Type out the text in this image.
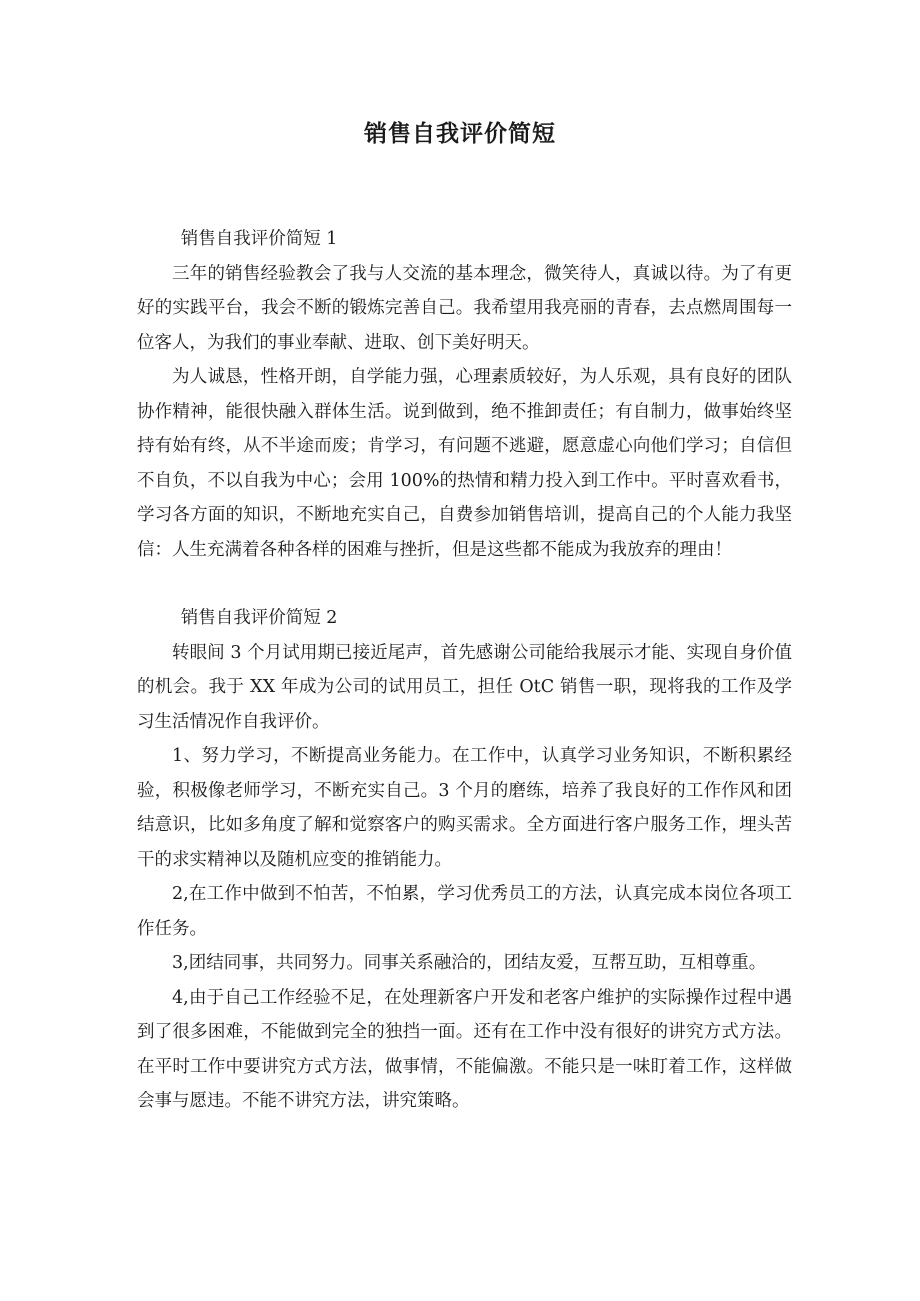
销售自我评价简短

销售自我评价简短 1

三年的销售经验教会了我与人交流的基本理念，微笑待人，真诚以待。为了有更好的实践平台，我会不断的锻炼完善自己。我希望用我亮丽的青春，去点燃周围每一位客人，为我们的事业奉献、进取、创下美好明天。

为人诚恳，性格开朗，自学能力强，心理素质较好，为人乐观，具有良好的团队协作精神，能很快融入群体生活。说到做到，绝不推卸责任；有自制力，做事始终坚持有始有终，从不半途而废；肯学习，有问题不逃避，愿意虚心向他们学习；自信但不自负，不以自我为中心；会用 100%的热情和精力投入到工作中。平时喜欢看书，学习各方面的知识，不断地充实自己，自费参加销售培训，提高自己的个人能力我坚信：人生充满着各种各样的困难与挫折，但是这些都不能成为我放弃的理由！

销售自我评价简短 2

转眼间 3 个月试用期已接近尾声，首先感谢公司能给我展示才能、实现自身价值的机会。我于 XX 年成为公司的试用员工，担任 OtC 销售一职，现将我的工作及学习生活情况作自我评价。

1、努力学习，不断提高业务能力。在工作中，认真学习业务知识，不断积累经验，积极像老师学习，不断充实自己。3 个月的磨练，培养了我良好的工作作风和团结意识，比如多角度了解和觉察客户的购买需求。全方面进行客户服务工作，埋头苦干的求实精神以及随机应变的推销能力。

2,在工作中做到不怕苦，不怕累，学习优秀员工的方法，认真完成本岗位各项工作任务。

3,团结同事，共同努力。同事关系融洽的，团结友爱，互帮互助，互相尊重。

4,由于自己工作经验不足，在处理新客户开发和老客户维护的实际操作过程中遇到了很多困难，不能做到完全的独挡一面。还有在工作中没有很好的讲究方式方法。在平时工作中要讲究方式方法，做事情，不能偏激。不能只是一味盯着工作，这样做会事与愿违。不能不讲究方法，讲究策略。
